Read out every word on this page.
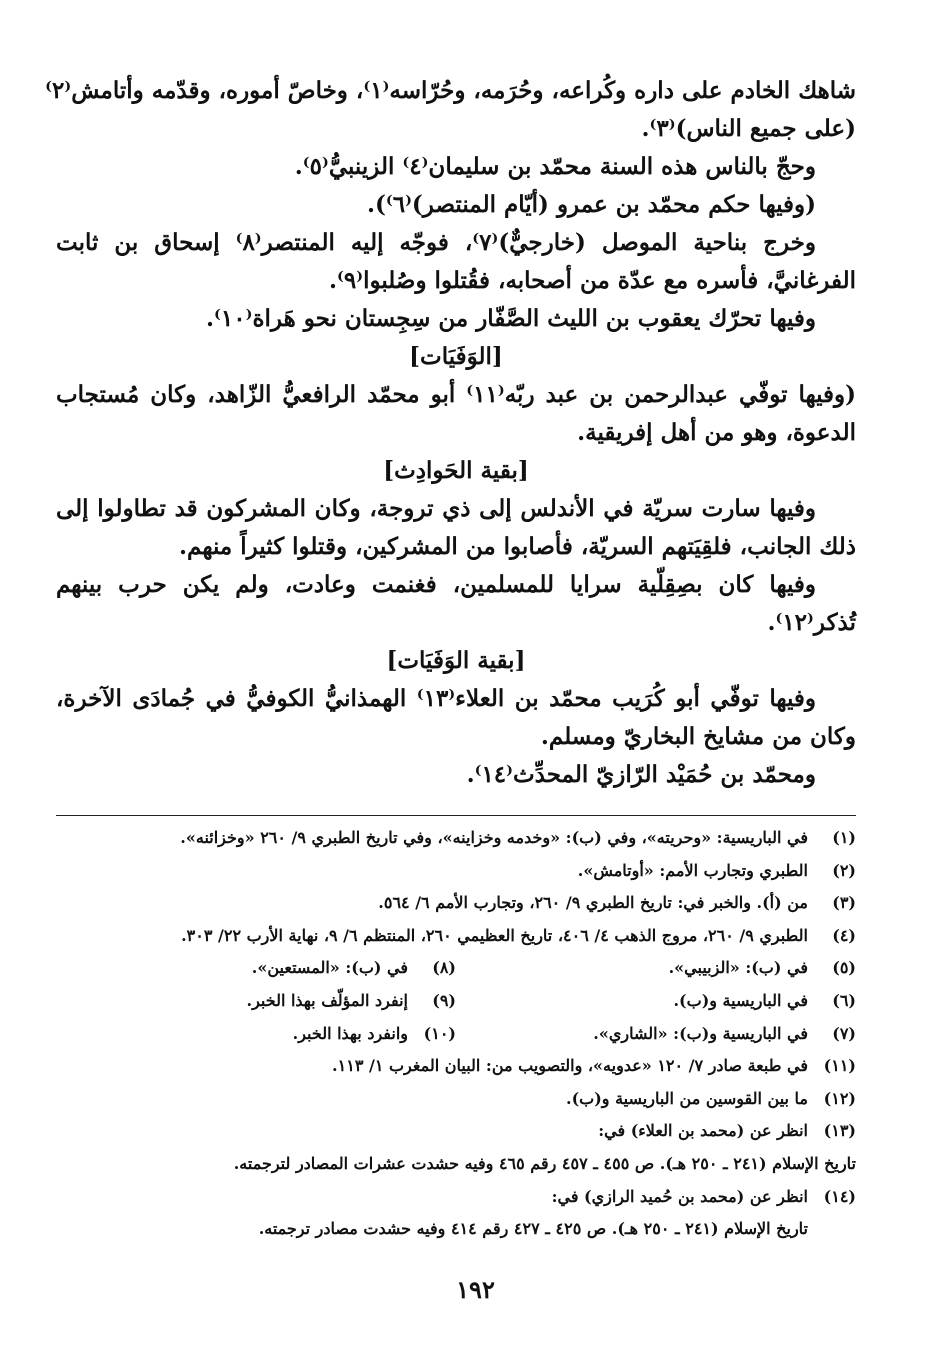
شاهك الخادم على داره وكُراعه، وحُرَمه، وحُرّاسه⁽١⁾، وخاصّ أموره، وقدّمه وأتامش⁽٢⁾
(على جميع الناس)⁽٣⁾.
وحجّ بالناس هذه السنة محمّد بن سليمان⁽٤⁾ الزينبيُّ⁽٥⁾.
(وفيها حكم محمّد بن عمرو (أيّام المنتصر)⁽٦⁾).
وخرج بناحية الموصل (خارجيٌّ)⁽٧⁾، فوجّه إليه المنتصر⁽٨⁾ إسحاق بن ثابت
الفرغانيَّ، فأسره مع عدّة من أصحابه، فقُتلوا وصُلبوا⁽٩⁾.
وفيها تحرّك يعقوب بن الليث الصَّفّار من سِجِستان نحو هَراة⁽١٠⁾.
[الوَفَيَات]
(وفيها توفّي عبدالرحمن بن عبد ربّه⁽١١⁾ أبو محمّد الرافعيُّ الزّاهد، وكان مُستجاب
الدعوة، وهو من أهل إفريقية.
[بقية الحَوادِث]
وفيها سارت سريّة في الأندلس إلى ذي تروجة، وكان المشركون قد تطاولوا إلى
ذلك الجانب، فلقِيَتهم السريّة، فأصابوا من المشركين، وقتلوا كثيراً منهم.
وفيها كان بصِقِلّية سرايا للمسلمين، فغنمت وعادت، ولم يكن حرب بينهم
تُذكر⁽١٢⁾.
[بقية الوَفَيَات]
وفيها توفّي أبو كُرَيب محمّد بن العلاء⁽١٣⁾ الهمذانيُّ الكوفيُّ في جُمادَى الآخرة،
وكان من مشايخ البخاريّ ومسلم.
ومحمّد بن حُمَيْد الرّازيّ المحدِّث⁽١٤⁾.
(١)
في الباريسية: «وحريته»، وفي (ب): «وخدمه وخزاينه»، وفي تاريخ الطبري ٩/ ٢٦٠ «وخزائنه».
(٢)
الطبري وتجارب الأمم: «أوتامش».
(٣)
من (أ). والخبر في: تاريخ الطبري ٩/ ٢٦٠، وتجارب الأمم ٦/ ٥٦٤.
(٤)
الطبري ٩/ ٢٦٠، مروج الذهب ٤/ ٤٠٦، تاريخ العظيمي ٢٦٠، المنتظم ٦/ ٩، نهاية الأرب ٢٢/ ٣٠٣.
(٥)
في (ب): «الزبيبي».
(٨)
في (ب): «المستعين».
(٦)
في الباريسية و(ب).
(٩)
إنفرد المؤلّف بهذا الخبر.
(٧)
في الباريسية و(ب): «الشاري».
(١٠)
وانفرد بهذا الخبر.
(١١)
في طبعة صادر ٧/ ١٢٠ «عدويه»، والتصويب من: البيان المغرب ١/ ١١٣.
(١٢)
ما بين القوسين من الباريسية و(ب).
(١٣)
انظر عن (محمد بن العلاء) في:
تاريخ الإسلام (٢٤١ ـ ٢٥٠ هـ). ص ٤٥٥ ـ ٤٥٧ رقم ٤٦٥ وفيه حشدت عشرات المصادر لترجمته.
(١٤)
انظر عن (محمد بن حُميد الرازي) في:
تاريخ الإسلام (٢٤١ ـ ٢٥٠ هـ). ص ٤٢٥ ـ ٤٢٧ رقم ٤١٤ وفيه حشدت مصادر ترجمته.
١٩٢
